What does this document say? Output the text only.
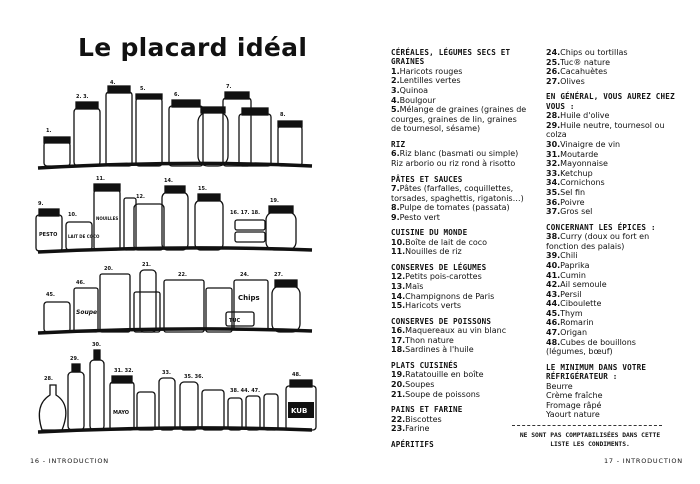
Le placard idéal
1.
2. 3.
4.
5.
6.
7.
8.
9.
10.
11.
12.
14.
15.
16. 17. 18.
19.
45.
46.
20.
21.
22.	24.	27.
28.
29.
30.
31. 32.	33.
35. 36.
38. 44. 47.
48.
PESTO	LAIT DE COCO
NOUILLES
Soupe
Chips
TUC
MAYO	KUB
16 - INTRODUCTION
CÉRÉALES, LÉGUMES SECS ET GRAINES
1.Haricots rouges
2.Lentilles vertes
3.Quinoa
4.Boulgour
5.Mélange de graines (graines de courges, graines de lin, graines de tournesol, sésame)
RIZ
6.Riz blanc (basmati ou simple)
Riz arborio ou riz rond à risotto
PÂTES ET SAUCES
7.Pâtes (farfalles, coquillettes, torsades, spaghettis, rigatonis…)
8.Pulpe de tomates (passata)
9.Pesto vert
CUISINE DU MONDE
10.Boîte de lait de coco
11.Nouilles de riz
CONSERVES DE LÉGUMES
12.Petits pois-carottes
13.Maïs
14.Champignons de Paris
15.Haricots verts
CONSERVES DE POISSONS
16.Maquereaux au vin blanc
17.Thon nature
18.Sardines à l'huile
PLATS CUISINÉS
19.Ratatouille en boîte
20.Soupes
21.Soupe de poissons
PAINS ET FARINE
22.Biscottes
23.Farine
APÉRITIFS
24.Chips ou tortillas
25.Tuc® nature
26.Cacahuètes
27.Olives
EN GÉNÉRAL, VOUS AUREZ CHEZ VOUS :
28.Huile d'olive
29.Huile neutre, tournesol ou colza
30.Vinaigre de vin
31.Moutarde
32.Mayonnaise
33.Ketchup
34.Cornichons
35.Sel fin
36.Poivre
37.Gros sel
CONCERNANT LES ÉPICES :
38.Curry (doux ou fort en fonction des palais)
39.Chili
40.Paprika
41.Cumin
42.Ail semoule
43.Persil
44.Ciboulette
45.Thym
46.Romarin
47.Origan
48.Cubes de bouillons (légumes, bœuf)
LE MINIMUM DANS VOTRE RÉFRIGÉRATEUR :
Beurre
Crème fraîche
Fromage râpé
Yaourt nature
NE SONT PAS COMPTABILISÉES DANS CETTE LISTE LES CONDIMENTS.
17 - INTRODUCTION
